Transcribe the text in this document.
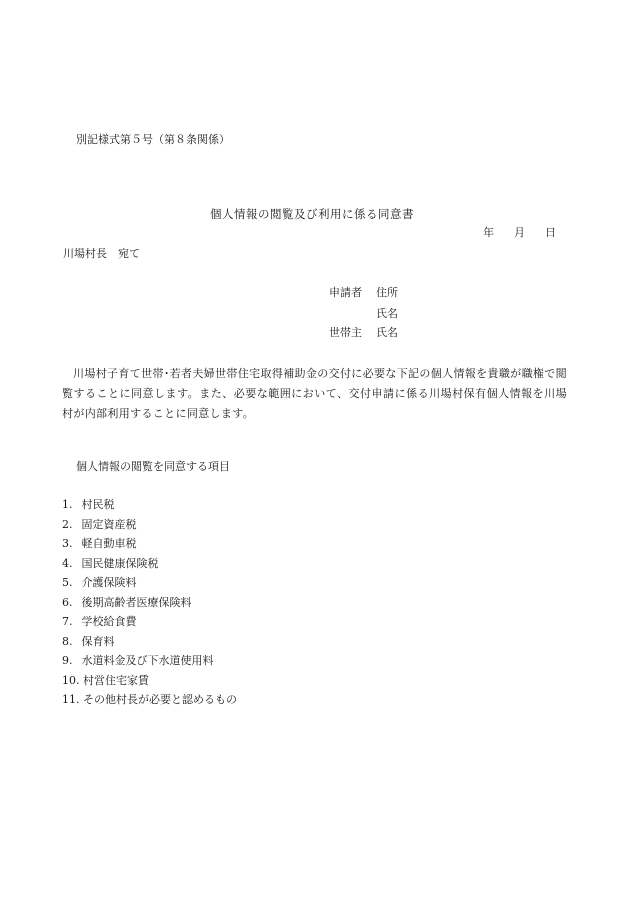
別記様式第５号（第８条関係）
個人情報の閲覧及び利用に係る同意書
年 月 日
川場村長　宛て
申請者 住所
氏名
世帯主 氏名
川場村子育て世帯･若者夫婦世帯住宅取得補助金の交付に必要な下記の個人情報を貴職が職権で閲覧することに同意します。また、必要な範囲において、交付申請に係る川場村保有個人情報を川場村が内部利用することに同意します。
個人情報の閲覧を同意する項目
1. 村民税
2. 固定資産税
3. 軽自動車税
4. 国民健康保険税
5. 介護保険料
6. 後期高齢者医療保険料
7. 学校給食費
8. 保育料
9. 水道料金及び下水道使用料
10. 村営住宅家賃
11. その他村長が必要と認めるもの
